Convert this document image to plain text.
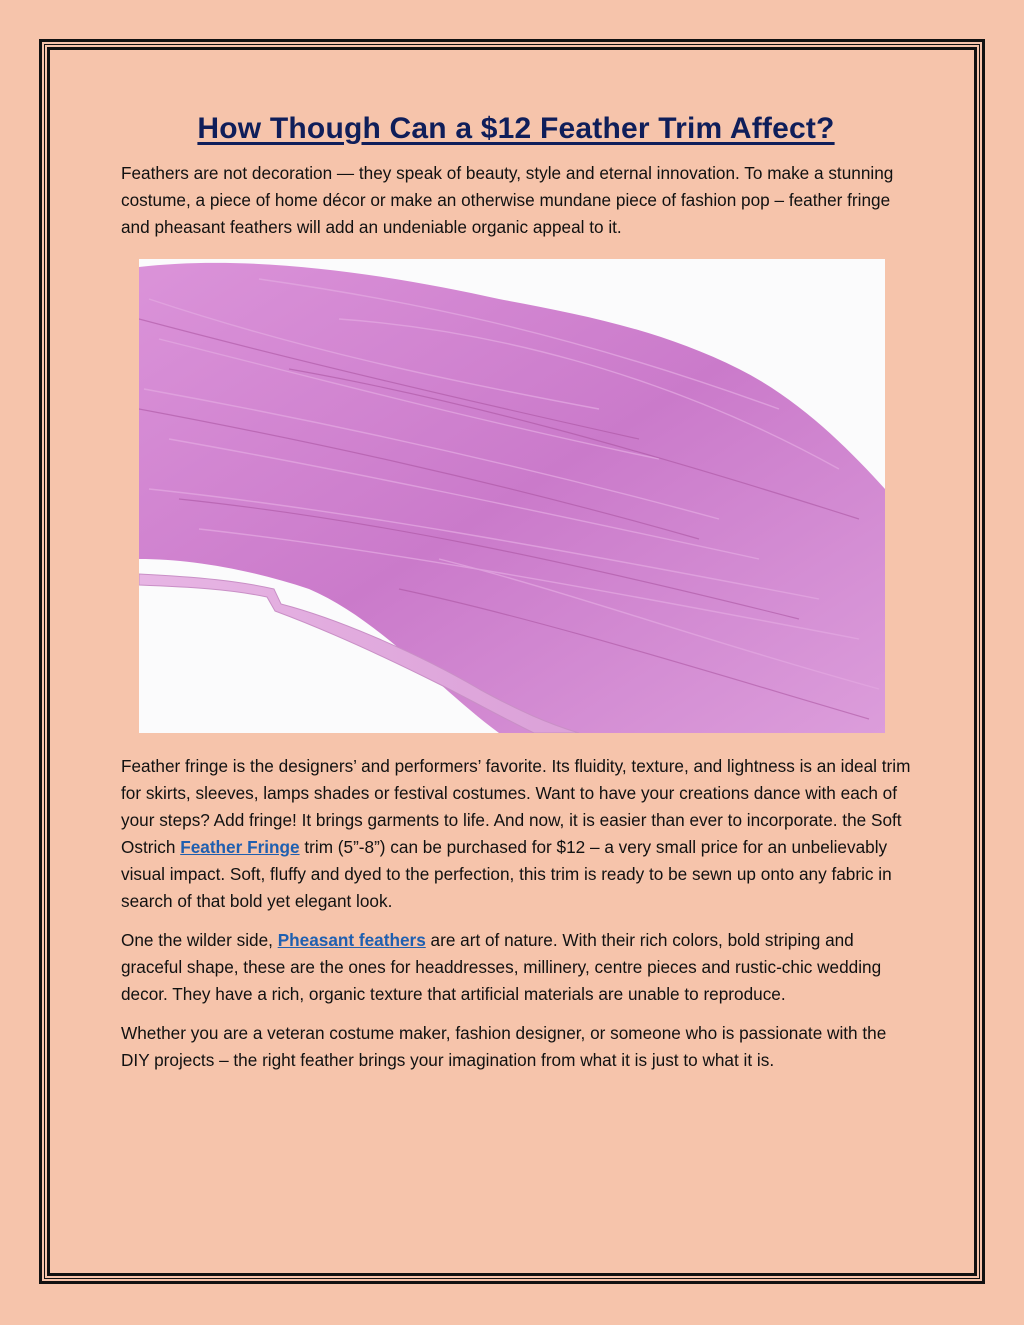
How Though Can a $12 Feather Trim Affect?

Feathers are not decoration — they speak of beauty, style and eternal innovation. To make a stunning costume, a piece of home décor or make an otherwise mundane piece of fashion pop – feather fringe and pheasant feathers will add an undeniable organic appeal to it.

Feather fringe is the designers’ and performers’ favorite. Its fluidity, texture, and lightness is an ideal trim for skirts, sleeves, lamps shades or festival costumes. Want to have your creations dance with each of your steps? Add fringe! It brings garments to life. And now, it is easier than ever to incorporate. the Soft Ostrich Feather Fringe trim (5”-8”) can be purchased for $12 – a very small price for an unbelievably visual impact. Soft, fluffy and dyed to the perfection, this trim is ready to be sewn up onto any fabric in search of that bold yet elegant look.

One the wilder side, Pheasant feathers are art of nature. With their rich colors, bold striping and graceful shape, these are the ones for headdresses, millinery, centre pieces and rustic-chic wedding decor. They have a rich, organic texture that artificial materials are unable to reproduce.

Whether you are a veteran costume maker, fashion designer, or someone who is passionate with the DIY projects – the right feather brings your imagination from what it is just to what it is.
